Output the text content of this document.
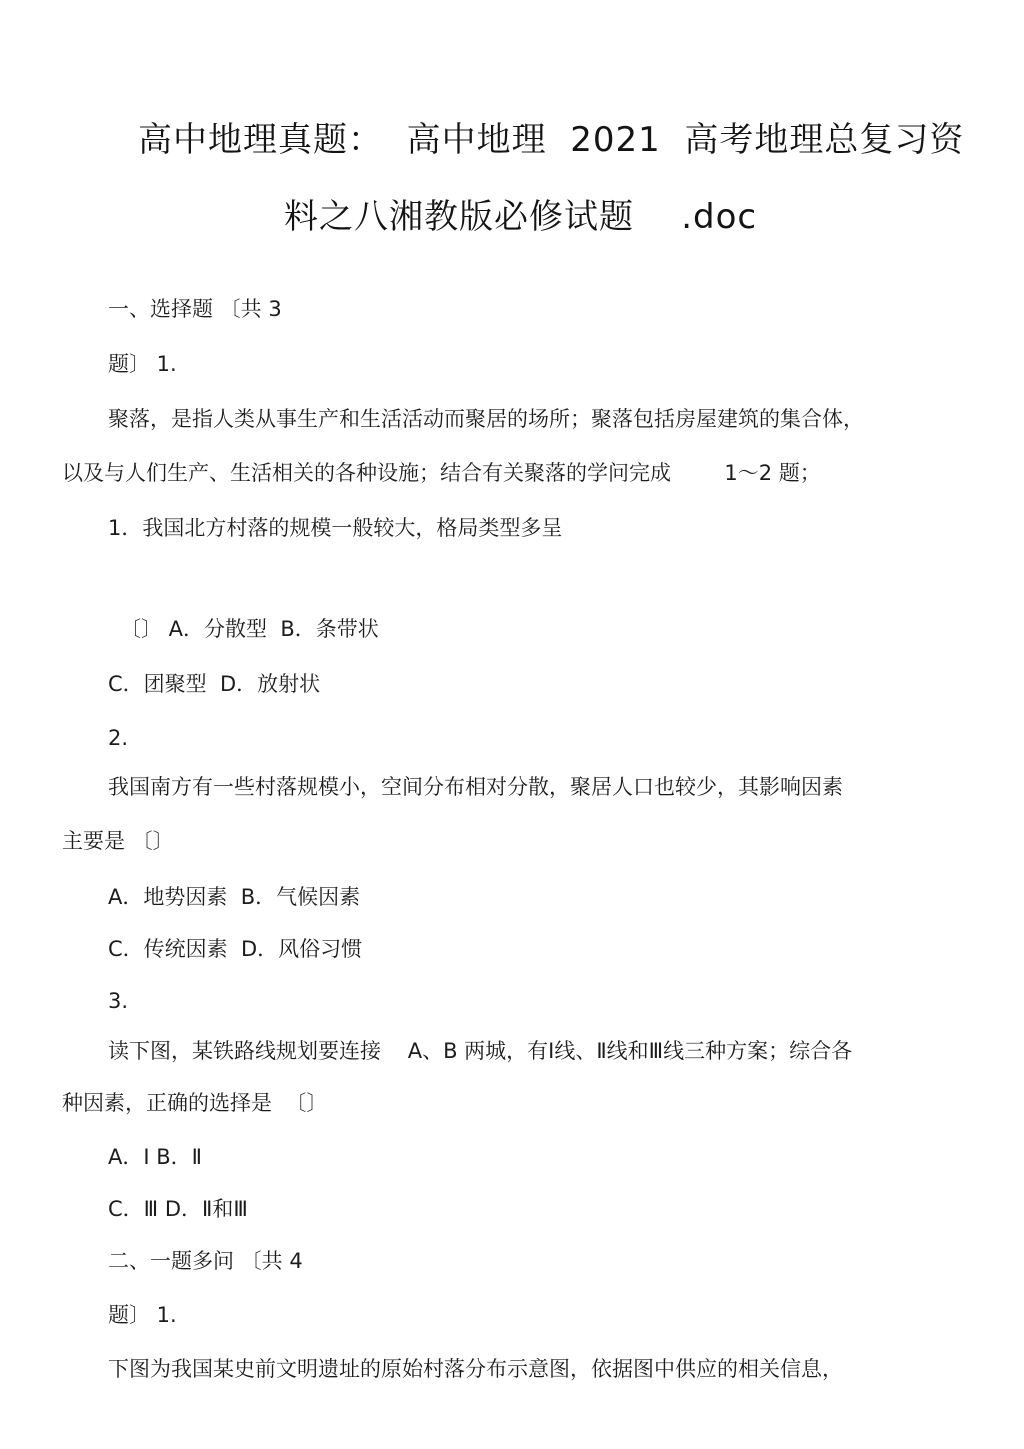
高中地理真题：  高中地理  2021  高考地理总复习资
料之八湘教版必修试题    .doc
一、选择题 〔共 3
题〕 1.
聚落，是指人类从事生产和生活活动而聚居的场所；聚落包括房屋建筑的集合体，
以及与人们生产、生活相关的各种设施；结合有关聚落的学问完成        1～2 题；
1．我国北方村落的规模一般较大，格局类型多呈
〔〕 A．分散型  B．条带状
C．团聚型  D．放射状
2.
我国南方有一些村落规模小，空间分布相对分散，聚居人口也较少，其影响因素
主要是 〔〕
A．地势因素  B．气候因素
C．传统因素  D．风俗习惯
3.
读下图，某铁路线规划要连接    A、B 两城，有Ⅰ线、Ⅱ线和Ⅲ线三种方案；综合各
种因素，正确的选择是  〔〕
A．Ⅰ B．Ⅱ
C．Ⅲ D．Ⅱ和Ⅲ
二、一题多问 〔共 4
题〕 1.
下图为我国某史前文明遗址的原始村落分布示意图，依据图中供应的相关信息，
